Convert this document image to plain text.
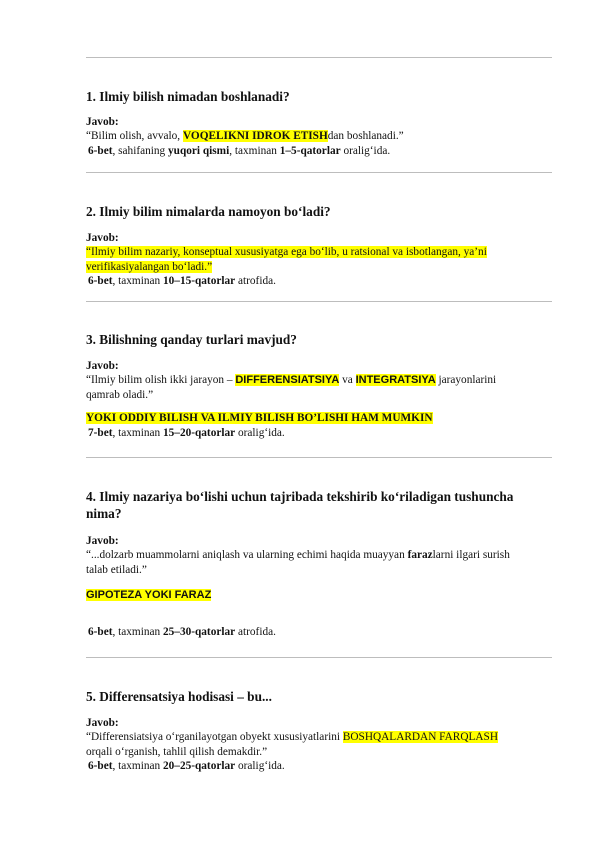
1. Ilmiy bilish nimadan boshlanadi?

Javob:

“Bilim olish, avvalo, VOQELIKNI IDROK ETISHdan boshlanadi.”

6-bet, sahifaning yuqori qismi, taxminan 1–5-qatorlar oralig‘ida.

2. Ilmiy bilim nimalarda namoyon bo‘ladi?

Javob:

“Ilmiy bilim nazariy, konseptual xususiyatga ega bo‘lib, u ratsional va isbotlangan, ya’ni
verifikasiyalangan bo‘ladi.”

6-bet, taxminan 10–15-qatorlar atrofida.

3. Bilishning qanday turlari mavjud?

Javob:

“Ilmiy bilim olish ikki jarayon – DIFFERENSIATSIYA va INTEGRATSIYA jarayonlarini
qamrab oladi.”

YOKI ODDIY BILISH VA ILMIY BILISH BO’LISHI HAM MUMKIN

7-bet, taxminan 15–20-qatorlar oralig‘ida.

4. Ilmiy nazariya bo‘lishi uchun tajribada tekshirib ko‘riladigan tushuncha
nima?

Javob:

“...dolzarb muammolarni aniqlash va ularning echimi haqida muayyan farazlarni ilgari surish
talab etiladi.”

GIPOTEZA YOKI FARAZ

6-bet, taxminan 25–30-qatorlar atrofida.

5. Differensatsiya hodisasi – bu...

Javob:

“Differensiatsiya o‘rganilayotgan obyekt xususiyatlarini BOSHQALARDAN FARQLASH
orqali o‘rganish, tahlil qilish demakdir.”

6-bet, taxminan 20–25-qatorlar oralig‘ida.
